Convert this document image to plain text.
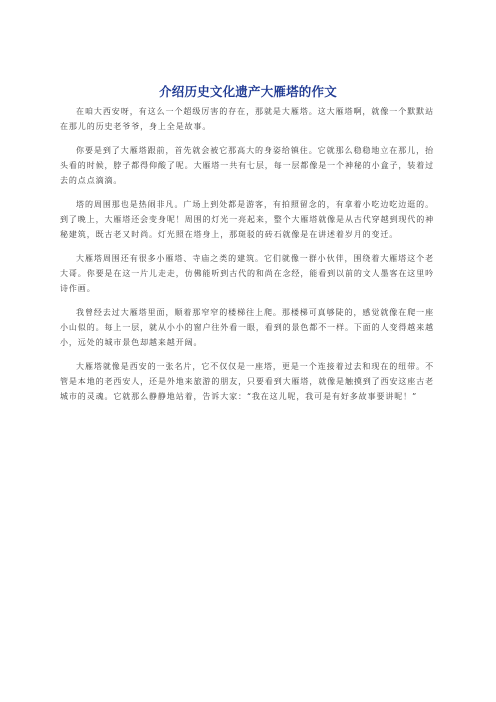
介绍历史文化遗产大雁塔的作文

在咱大西安呀，有这么一个超级厉害的存在，那就是大雁塔。这大雁塔啊，就像一个默默站在那儿的历史老爷爷，身上全是故事。

你要是到了大雁塔跟前，首先就会被它那高大的身姿给镇住。它就那么稳稳地立在那儿，抬头看的时候，脖子都得仰酸了呢。大雁塔一共有七层，每一层都像是一个神秘的小盒子，装着过去的点点滴滴。

塔的周围那也是热闹非凡。广场上到处都是游客，有拍照留念的，有拿着小吃边吃边逛的。到了晚上，大雁塔还会变身呢！周围的灯光一亮起来，整个大雁塔就像是从古代穿越到现代的神秘建筑，既古老又时尚。灯光照在塔身上，那斑驳的砖石就像是在讲述着岁月的变迁。

大雁塔周围还有很多小雁塔、寺庙之类的建筑。它们就像一群小伙伴，围绕着大雁塔这个老大哥。你要是在这一片儿走走，仿佛能听到古代的和尚在念经，能看到以前的文人墨客在这里吟诗作画。

我曾经去过大雁塔里面，顺着那窄窄的楼梯往上爬。那楼梯可真够陡的，感觉就像在爬一座小山似的。每上一层，就从小小的窗户往外看一眼，看到的景色都不一样。下面的人变得越来越小，远处的城市景色却越来越开阔。

大雁塔就像是西安的一张名片，它不仅仅是一座塔，更是一个连接着过去和现在的纽带。不管是本地的老西安人，还是外地来旅游的朋友，只要看到大雁塔，就像是触摸到了西安这座古老城市的灵魂。它就那么静静地站着，告诉大家：“我在这儿呢，我可是有好多故事要讲呢！”
